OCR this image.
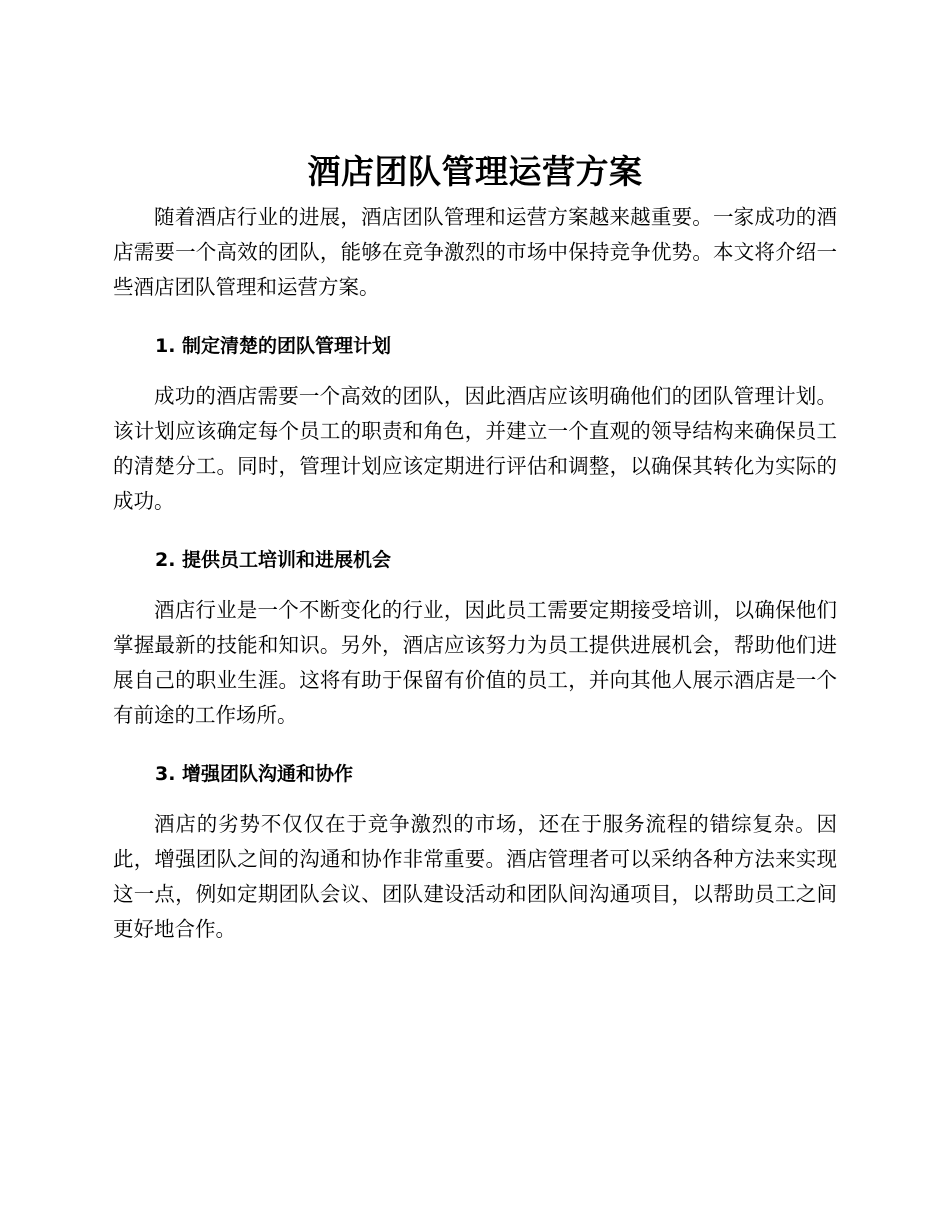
酒店团队管理运营方案

随着酒店行业的进展，酒店团队管理和运营方案越来越重要。一家成功的酒店需要一个高效的团队，能够在竞争激烈的市场中保持竞争优势。本文将介绍一些酒店团队管理和运营方案。

1. 制定清楚的团队管理计划

成功的酒店需要一个高效的团队，因此酒店应该明确他们的团队管理计划。该计划应该确定每个员工的职责和角色，并建立一个直观的领导结构来确保员工的清楚分工。同时，管理计划应该定期进行评估和调整，以确保其转化为实际的成功。

2. 提供员工培训和进展机会

酒店行业是一个不断变化的行业，因此员工需要定期接受培训，以确保他们掌握最新的技能和知识。另外，酒店应该努力为员工提供进展机会，帮助他们进展自己的职业生涯。这将有助于保留有价值的员工，并向其他人展示酒店是一个有前途的工作场所。

3. 增强团队沟通和协作

酒店的劣势不仅仅在于竞争激烈的市场，还在于服务流程的错综复杂。因此，增强团队之间的沟通和协作非常重要。酒店管理者可以采纳各种方法来实现这一点，例如定期团队会议、团队建设活动和团队间沟通项目，以帮助员工之间更好地合作。
